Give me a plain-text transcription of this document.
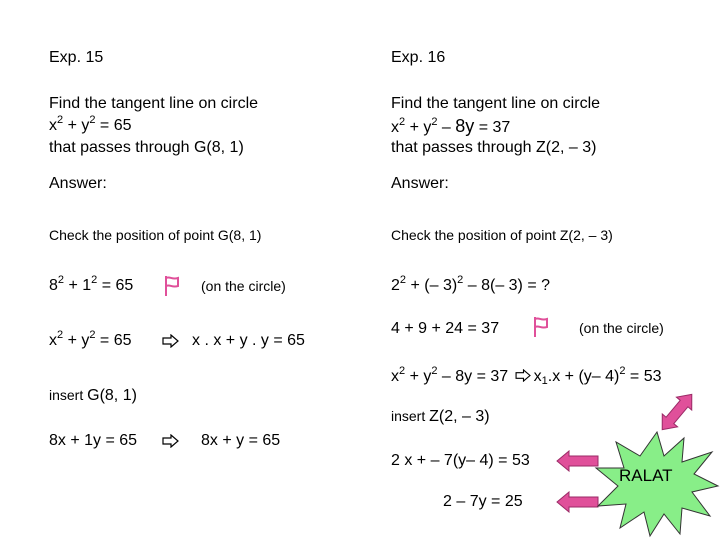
Exp. 15
Find the tangent line on circle
$x^2 + y^2 = 65$
that passes through G(8, 1)
Answer:
Check the position of point G(8, 1)
$8^2 + 1^2 = 65$	(on the circle)
$x^2 + y^2 = 65$	x . x + y . y = 65
insert G(8, 1)
8x + 1y = 65	8x + y = 65
Exp. 16
Find the tangent line on circle
$x^2 + y^2 - 8y = 37$
that passes through Z(2, – 3)
Answer:
Check the position of point Z(2, – 3)
$2^2$ + (– 3)$^2$ – 8(– 3) = ?
4 + 9 + 24 = 37	(on the circle)
$x^2 + y^2 - 8y = 37$ $x_1.x + (y-$ 4)$^2$ = 53
insert Z(2, – 3)
2 x + – 7(y– 4) = 53
2 – 7y = 25
RALAT
